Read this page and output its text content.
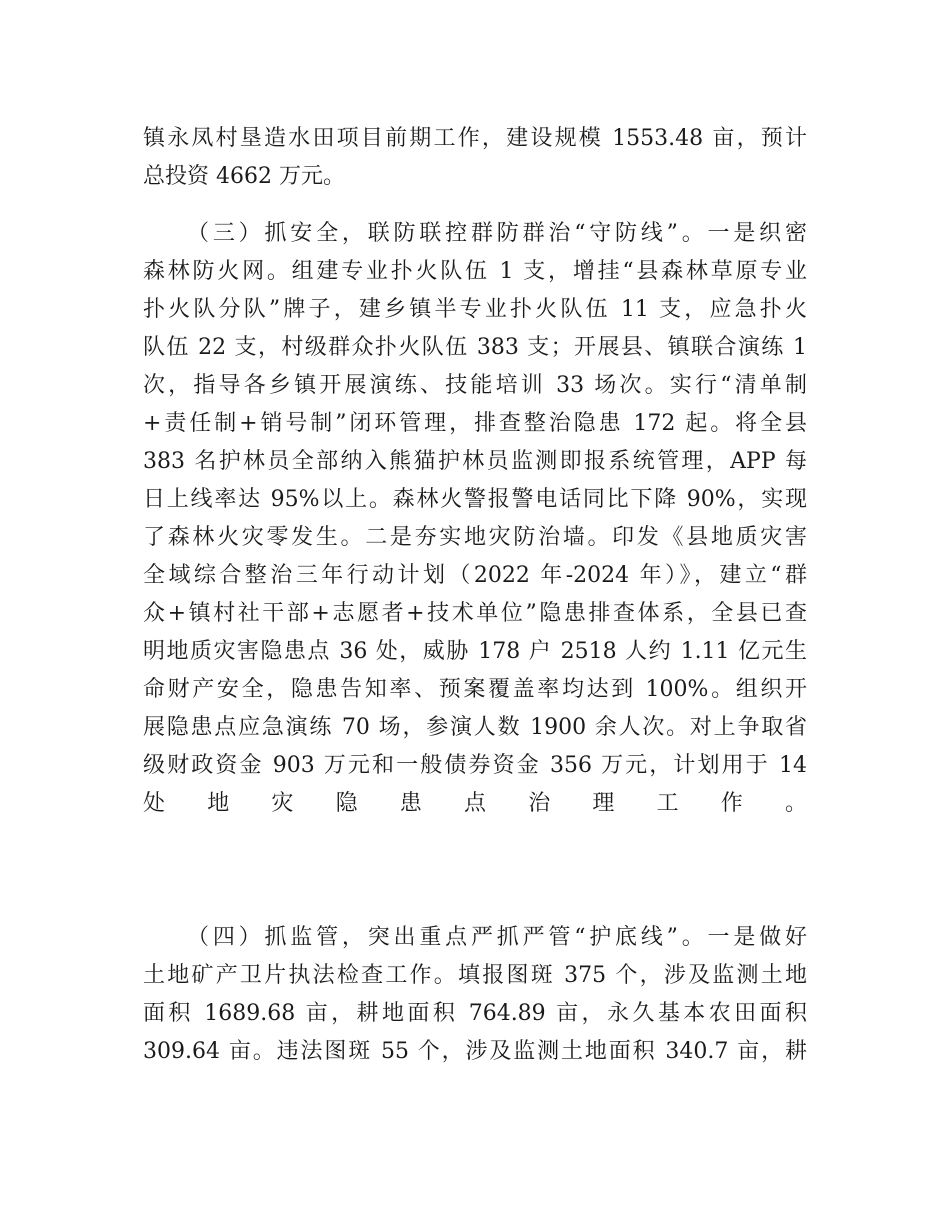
镇永凤村垦造水田项目前期工作，建设规模 1553.48 亩，预计
总投资 4662 万元。
（三）抓安全，联防联控群防群治“守防线”。一是织密
森林防火网。组建专业扑火队伍 1 支，增挂“县森林草原专业
扑火队分队”牌子，建乡镇半专业扑火队伍 11 支，应急扑火
队伍 22 支，村级群众扑火队伍 383 支；开展县、镇联合演练 1
次，指导各乡镇开展演练、技能培训 33 场次。实行“清单制
+责任制+销号制”闭环管理，排查整治隐患 172 起。将全县
383 名护林员全部纳入熊猫护林员监测即报系统管理，APP 每
日上线率达 95%以上。森林火警报警电话同比下降 90%，实现
了森林火灾零发生。二是夯实地灾防治墙。印发《县地质灾害
全域综合整治三年行动计划（2022 年-2024 年）》，建立“群
众+镇村社干部+志愿者+技术单位”隐患排查体系，全县已查
明地质灾害隐患点 36 处，威胁 178 户 2518 人约 1.11 亿元生
命财产安全，隐患告知率、预案覆盖率均达到 100%。组织开
展隐患点应急演练 70 场，参演人数 1900 余人次。对上争取省
级财政资金 903 万元和一般债券资金 356 万元，计划用于 14
处地灾隐患点治理工作。
（四）抓监管，突出重点严抓严管“护底线”。一是做好
土地矿产卫片执法检查工作。填报图斑 375 个，涉及监测土地
面积 1689.68 亩，耕地面积 764.89 亩，永久基本农田面积
309.64 亩。违法图斑 55 个，涉及监测土地面积 340.7 亩，耕
